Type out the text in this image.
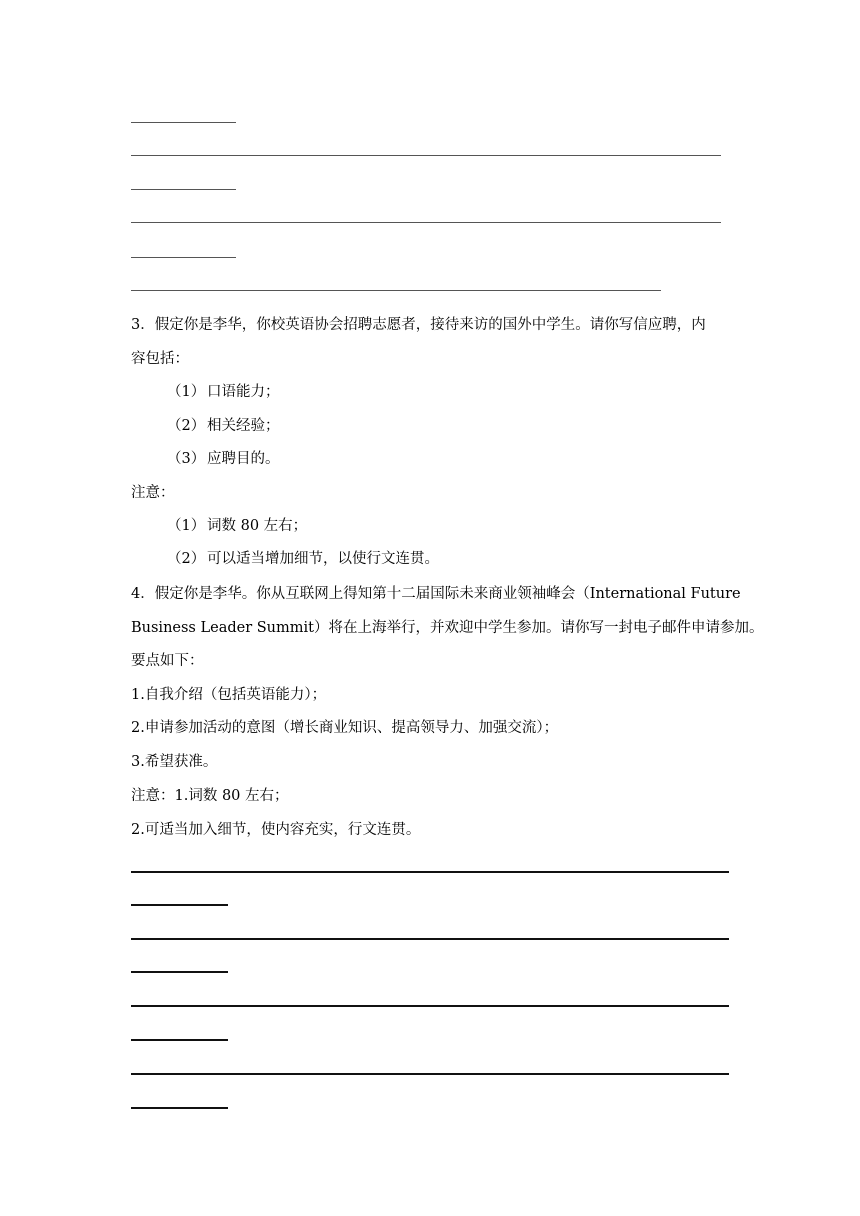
3．假定你是李华，你校英语协会招聘志愿者，接待来访的国外中学生。请你写信应聘，内
容包括：
（1） 口语能力；
（2） 相关经验；
（3） 应聘目的。
注意：
（1） 词数 80 左右；
（2） 可以适当增加细节，以使行文连贯。
4．假定你是李华。你从互联网上得知第十二届国际未来商业领袖峰会（International Future
Business Leader Summit）将在上海举行，并欢迎中学生参加。请你写一封电子邮件申请参加。
要点如下：
1.自我介绍（包括英语能力）；
2.申请参加活动的意图（增长商业知识、提高领导力、加强交流）；
3.希望获准。
注意：1.词数 80 左右；
2.可适当加入细节，使内容充实，行文连贯。
